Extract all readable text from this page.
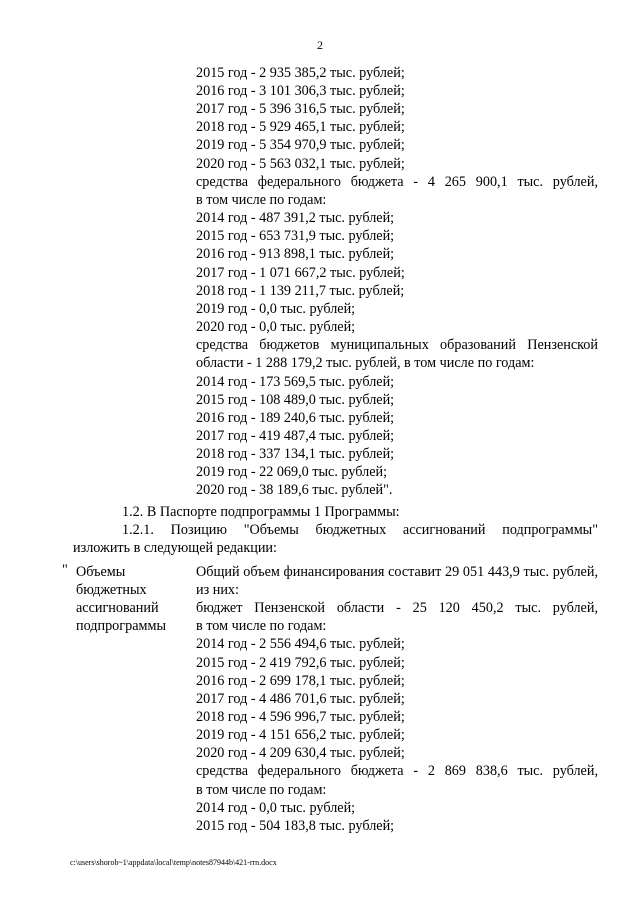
2
2015 год - 2 935 385,2 тыс. рублей;
2016 год - 3 101 306,3 тыс. рублей;
2017 год - 5 396 316,5 тыс. рублей;
2018 год - 5 929 465,1 тыс. рублей;
2019 год - 5 354 970,9 тыс. рублей;
2020 год - 5 563 032,1 тыс. рублей;
средства федерального бюджета - 4 265 900,1 тыс. рублей,
в том числе по годам:
2014 год - 487 391,2 тыс. рублей;
2015 год - 653 731,9 тыс. рублей;
2016 год - 913 898,1 тыс. рублей;
2017 год - 1 071 667,2 тыс. рублей;
2018 год - 1 139 211,7 тыс. рублей;
2019 год - 0,0 тыс. рублей;
2020 год - 0,0 тыс. рублей;
средства бюджетов муниципальных образований Пензенской
области - 1 288 179,2 тыс. рублей, в том числе по годам:
2014 год - 173 569,5 тыс. рублей;
2015 год - 108 489,0 тыс. рублей;
2016 год - 189 240,6 тыс. рублей;
2017 год - 419 487,4 тыс. рублей;
2018 год - 337 134,1 тыс. рублей;
2019 год - 22 069,0 тыс. рублей;
2020 год - 38 189,6 тыс. рублей".
1.2. В Паспорте подпрограммы 1 Программы:
1.2.1. Позицию "Объемы бюджетных ассигнований подпрограммы"
изложить в следующей редакции:
" Объемы
бюджетных
ассигнований
подпрограммы
Общий объем финансирования составит 29 051 443,9 тыс. рублей,
из них:
бюджет Пензенской области - 25 120 450,2 тыс. рублей,
в том числе по годам:
2014 год - 2 556 494,6 тыс. рублей;
2015 год - 2 419 792,6 тыс. рублей;
2016 год - 2 699 178,1 тыс. рублей;
2017 год - 4 486 701,6 тыс. рублей;
2018 год - 4 596 996,7 тыс. рублей;
2019 год - 4 151 656,2 тыс. рублей;
2020 год - 4 209 630,4 тыс. рублей;
средства федерального бюджета - 2 869 838,6 тыс. рублей,
в том числе по годам:
2014 год - 0,0 тыс. рублей;
2015 год - 504 183,8 тыс. рублей;
c:\users\shorob~1\appdata\local\temp\notes87944b\421-rrn.docx
